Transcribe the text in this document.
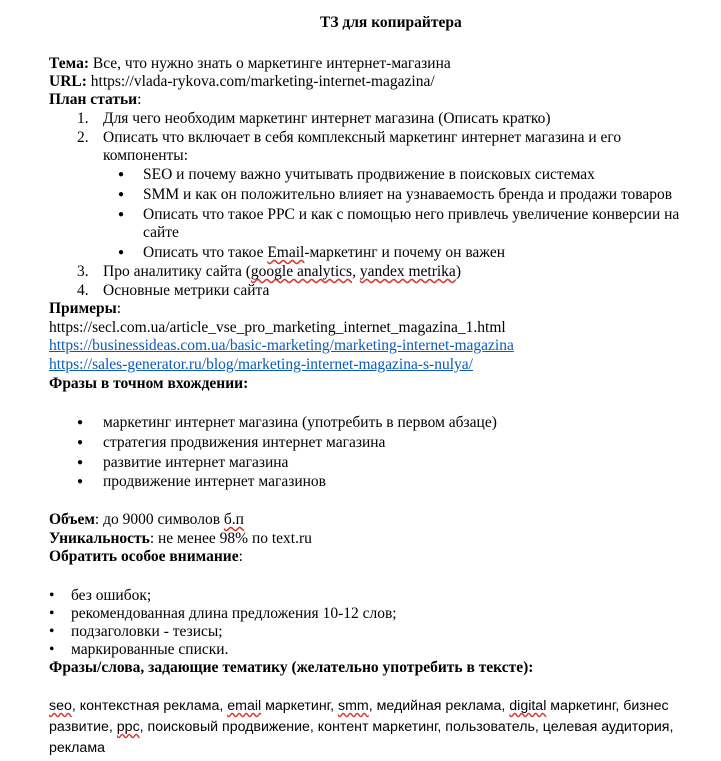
ТЗ для копирайтера
Тема: Все, что нужно знать о маркетинге интернет-магазина
URL: https://vlada-rykova.com/marketing-internet-magazina/
План статьи:
1. Для чего необходим маркетинг интернет магазина (Описать кратко)
2. Описать что включает в себя комплексный маркетинг интернет магазина и его
компоненты:
SEO и почему важно учитывать продвижение в поисковых системах
SMM и как он положительно влияет на узнаваемость бренда и продажи товаров
Описать что такое PPC и как с помощью него привлечь увеличение конверсии на
сайте
Описать что такое Email-маркетинг и почему он важен
3. Про аналитику сайта (google analytics, yandex metrika)
4. Основные метрики сайта
Примеры:
https://secl.com.ua/article_vse_pro_marketing_internet_magazina_1.html
https://businessideas.com.ua/basic-marketing/marketing-internet-magazina
https://sales-generator.ru/blog/marketing-internet-magazina-s-nulya/
Фразы в точном вхождении:
маркетинг интернет магазина (употребить в первом абзаце)
стратегия продвижения интернет магазина
развитие интернет магазина
продвижение интернет магазинов
Объем: до 9000 символов б.п
Уникальность: не менее 98% по text.ru
Обратить особое внимание:
• без ошибок;
• рекомендованная длина предложения 10-12 слов;
• подзаголовки - тезисы;
• маркированные списки.
Фразы/слова, задающие тематику (желательно употребить в тексте):
seo, контекстная реклама, email маркетинг, smm, медийная реклама, digital маркетинг, бизнес
развитие, ppc, поисковый продвижение, контент маркетинг, пользователь, целевая аудитория,
реклама
